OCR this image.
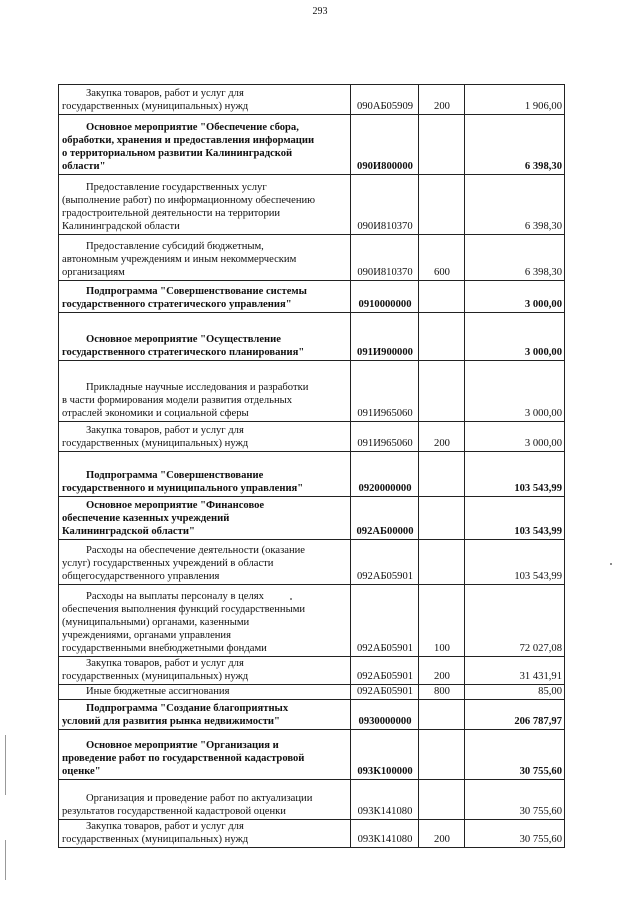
293
Закупка товаров, работ и услуг для
государственных (муниципальных) нужд	090АБ05909	200	1 906,00
Основное мероприятие "Обеспечение сбора,
обработки, хранения и предоставления информации
о территориальном развитии Калининградской
области"	090И800000		6 398,30
Предоставление государственных услуг
(выполнение работ) по информационному обеспечению
градостроительной деятельности на территории
Калининградской области	090И810370		6 398,30
Предоставление субсидий бюджетным,
автономным учреждениям и иным некоммерческим
организациям	090И810370	600	6 398,30
Подпрограмма "Совершенствование системы
государственного стратегического управления"	0910000000		3 000,00
Основное мероприятие "Осуществление
государственного стратегического планирования"	091И900000		3 000,00
Прикладные научные исследования и разработки
в части формирования модели развития отдельных
отраслей экономики и социальной сферы	091И965060		3 000,00
Закупка товаров, работ и услуг для
государственных (муниципальных) нужд	091И965060	200	3 000,00
Подпрограмма "Совершенствование
государственного и муниципального управления"	0920000000		103 543,99
Основное мероприятие "Финансовое
обеспечение казенных учреждений
Калининградской области"	092АБ00000		103 543,99
Расходы на обеспечение деятельности (оказание
услуг) государственных учреждений в области
общегосударственного управления	092АБ05901		103 543,99
Расходы на выплаты персоналу в целях
обеспечения выполнения функций государственными
(муниципальными) органами, казенными
учреждениями, органами управления
государственными внебюджетными фондами	092АБ05901	100	72 027,08
Закупка товаров, работ и услуг для
государственных (муниципальных) нужд	092АБ05901	200	31 431,91
Иные бюджетные ассигнования	092АБ05901	800	85,00
Подпрограмма "Создание благоприятных
условий для развития рынка недвижимости"	0930000000		206 787,97
Основное мероприятие "Организация и
проведение работ по государственной кадастровой
оценке"	093К100000		30 755,60
Организация и проведение работ по актуализации
результатов государственной кадастровой оценки	093К141080		30 755,60
Закупка товаров, работ и услуг для
государственных (муниципальных) нужд	093К141080	200	30 755,60
